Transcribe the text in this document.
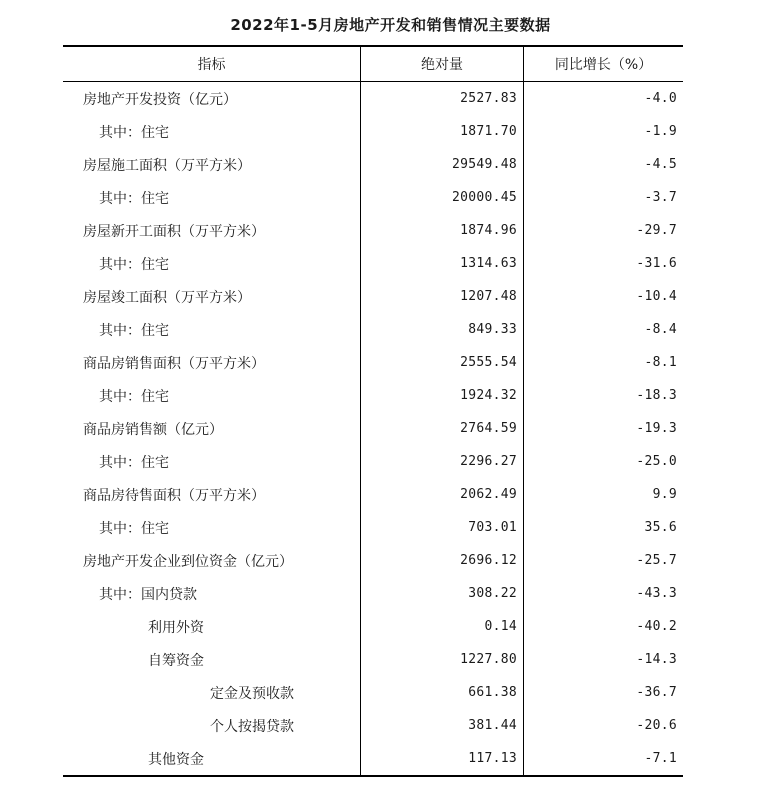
2022年1-5月房地产开发和销售情况主要数据
指标	绝对量	同比增长（%）
房地产开发投资（亿元）	2527.83	-4.0
其中：住宅	1871.70	-1.9
房屋施工面积（万平方米）	29549.48	-4.5
其中：住宅	20000.45	-3.7
房屋新开工面积（万平方米）	1874.96	-29.7
其中：住宅	1314.63	-31.6
房屋竣工面积（万平方米）	1207.48	-10.4
其中：住宅	849.33	-8.4
商品房销售面积（万平方米）	2555.54	-8.1
其中：住宅	1924.32	-18.3
商品房销售额（亿元）	2764.59	-19.3
其中：住宅	2296.27	-25.0
商品房待售面积（万平方米）	2062.49	9.9
其中：住宅	703.01	35.6
房地产开发企业到位资金（亿元）	2696.12	-25.7
其中：国内贷款	308.22	-43.3
利用外资	0.14	-40.2
自筹资金	1227.80	-14.3
定金及预收款	661.38	-36.7
个人按揭贷款	381.44	-20.6
其他资金	117.13	-7.1
